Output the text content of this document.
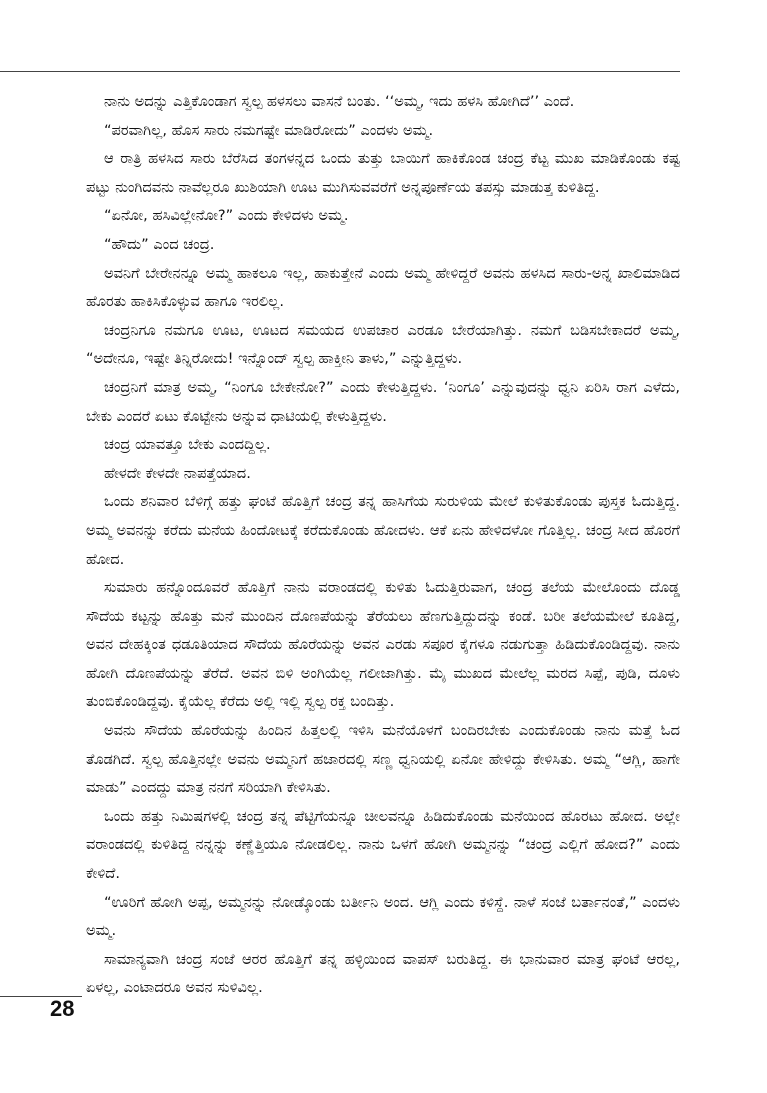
ನಾನು ಅದನ್ನು ಎತ್ತಿಕೊಂಡಾಗ ಸ್ವಲ್ಪ ಹಳಸಲು ವಾಸನೆ ಬಂತು. ‘‘ಅಮ್ಮ, ಇದು ಹಳಸಿ ಹೋಗಿದೆ’’ ಎಂದೆ.

“ಪರವಾಗಿಲ್ಲ, ಹೊಸ ಸಾರು ನಮಗಷ್ಟೇ ಮಾಡಿರೋದು” ಎಂದಳು ಅಮ್ಮ.

ಆ ರಾತ್ರಿ ಹಳಸಿದ ಸಾರು ಬೆರೆಸಿದ ತಂಗಳನ್ನದ ಒಂದು ತುತ್ತು ಬಾಯಿಗೆ ಹಾಕಿಕೊಂಡ ಚಂದ್ರ ಕೆಟ್ಟ ಮುಖ ಮಾಡಿಕೊಂಡು ಕಷ್ಟ ಪಟ್ಟು ನುಂಗಿದವನು ನಾವೆಲ್ಲರೂ ಖುಶಿಯಾಗಿ ಊಟ ಮುಗಿಸುವವರೆಗೆ ಅನ್ನಪೂರ್ಣೆಯ ತಪಸ್ಸು ಮಾಡುತ್ತ ಕುಳಿತಿದ್ದ.

“ಏನೋ, ಹಸಿವಿಲ್ಲೇನೋ?” ಎಂದು ಕೇಳಿದಳು ಅಮ್ಮ.

“ಹೌದು” ಎಂದ ಚಂದ್ರ.

ಅವನಿಗೆ ಬೇರೇನನ್ನೂ ಅಮ್ಮ ಹಾಕಲೂ ಇಲ್ಲ, ಹಾಕುತ್ತೇನೆ ಎಂದು ಅಮ್ಮ ಹೇಳಿದ್ದರೆ ಅವನು ಹಳಸಿದ ಸಾರು-ಅನ್ನ ಖಾಲಿಮಾಡಿದ ಹೊರತು ಹಾಕಿಸಿಕೊಳ್ಳುವ ಹಾಗೂ ಇರಲಿಲ್ಲ.

ಚಂದ್ರನಿಗೂ ನಮಗೂ ಊಟ, ಊಟದ ಸಮಯದ ಉಪಚಾರ ಎರಡೂ ಬೇರೆಯಾಗಿತ್ತು. ನಮಗೆ ಬಡಿಸಬೇಕಾದರೆ ಅಮ್ಮ, “ಅದೇನೂ, ಇಷ್ಟೇ ತಿನ್ನಿರೋದು! ಇನ್ನೊಂದ್ ಸ್ವಲ್ಪ ಹಾಕ್ತೀನಿ ತಾಳು,” ಎನ್ನುತ್ತಿದ್ದಳು.

ಚಂದ್ರನಿಗೆ ಮಾತ್ರ ಅಮ್ಮ, “ನಿಂಗೂ ಬೇಕೇನೋ?” ಎಂದು ಕೇಳುತ್ತಿದ್ದಳು. ‘ನಿಂಗೂ’ ಎನ್ನುವುದನ್ನು ಧ್ವನಿ ಏರಿಸಿ ರಾಗ ಎಳೆದು, ಬೇಕು ಎಂದರೆ ಏಟು ಕೊಟ್ಟೇನು ಅನ್ನುವ ಧಾಟಿಯಲ್ಲಿ ಕೇಳುತ್ತಿದ್ದಳು.

ಚಂದ್ರ ಯಾವತ್ತೂ ಬೇಕು ಎಂದದ್ದಿಲ್ಲ.

ಹೇಳದೇ ಕೇಳದೇ ನಾಪತ್ತೆಯಾದ.

ಒಂದು ಶನಿವಾರ ಬೆಳಿಗ್ಗೆ ಹತ್ತು ಘಂಟೆ ಹೊತ್ತಿಗೆ ಚಂದ್ರ ತನ್ನ ಹಾಸಿಗೆಯ ಸುರುಳಿಯ ಮೇಲೆ ಕುಳಿತುಕೊಂಡು ಪುಸ್ತಕ ಓದುತ್ತಿದ್ದ. ಅಮ್ಮ ಅವನನ್ನು ಕರೆದು ಮನೆಯ ಹಿಂದೋಟಕ್ಕೆ ಕರೆದುಕೊಂಡು ಹೋದಳು. ಆಕೆ ಏನು ಹೇಳಿದಳೋ ಗೊತ್ತಿಲ್ಲ. ಚಂದ್ರ ಸೀದ ಹೊರಗೆ ಹೋದ.

ಸುಮಾರು ಹನ್ನೊಂದೂವರೆ ಹೊತ್ತಿಗೆ ನಾನು ವರಾಂಡದಲ್ಲಿ ಕುಳಿತು ಓದುತ್ತಿರುವಾಗ, ಚಂದ್ರ ತಲೆಯ ಮೇಲೊಂದು ದೊಡ್ಡ ಸೌದೆಯ ಕಟ್ಟನ್ನು ಹೊತ್ತು ಮನೆ ಮುಂದಿನ ದೊಣಪೆಯನ್ನು ತೆರೆಯಲು ಹೆಣಗುತ್ತಿದ್ದುದನ್ನು ಕಂಡೆ. ಬರೀ ತಲೆಯಮೇಲೆ ಕೂತಿದ್ದ, ಅವನ ದೇಹಕ್ಕಿಂತ ಧಡೂತಿಯಾದ ಸೌದೆಯ ಹೊರೆಯನ್ನು ಅವನ ಎರಡು ಸಪೂರ ಕೈಗಳೂ ನಡುಗುತ್ತಾ ಹಿಡಿದುಕೊಂಡಿದ್ದವು. ನಾನು ಹೋಗಿ ದೊಣಪೆಯನ್ನು ತೆರೆದೆ. ಅವನ ಬಿಳಿ ಅಂಗಿಯೆಲ್ಲ ಗಲೀಜಾಗಿತ್ತು. ಮೈ ಮುಖದ ಮೇಲೆಲ್ಲ ಮರದ ಸಿಪ್ಪೆ, ಪುಡಿ, ದೂಳು ತುಂಬಿಕೊಂಡಿದ್ದವು. ಕೈಯೆಲ್ಲ ಕೆರೆದು ಅಲ್ಲಿ ಇಲ್ಲಿ ಸ್ವಲ್ಪ ರಕ್ತ ಬಂದಿತ್ತು.

ಅವನು ಸೌದೆಯ ಹೊರೆಯನ್ನು ಹಿಂದಿನ ಹಿತ್ತಲಲ್ಲಿ ಇಳಿಸಿ ಮನೆಯೊಳಗೆ ಬಂದಿರಬೇಕು ಎಂದುಕೊಂಡು ನಾನು ಮತ್ತೆ ಓದ ತೊಡಗಿದೆ. ಸ್ವಲ್ಪ ಹೊತ್ತಿನಲ್ಲೇ ಅವನು ಅಮ್ಮನಿಗೆ ಹಜಾರದಲ್ಲಿ ಸಣ್ಣ ಧ್ವನಿಯಲ್ಲಿ ಏನೋ ಹೇಳಿದ್ದು ಕೇಳಿಸಿತು. ಅಮ್ಮ “ಆಗ್ಲಿ, ಹಾಗೇ ಮಾಡು” ಎಂದದ್ದು ಮಾತ್ರ ನನಗೆ ಸರಿಯಾಗಿ ಕೇಳಿಸಿತು.

ಒಂದು ಹತ್ತು ನಿಮಿಷಗಳಲ್ಲಿ ಚಂದ್ರ ತನ್ನ ಪೆಟ್ಟಿಗೆಯನ್ನೂ ಚೀಲವನ್ನೂ ಹಿಡಿದುಕೊಂಡು ಮನೆಯಿಂದ ಹೊರಟು ಹೋದ. ಅಲ್ಲೇ ವರಾಂಡದಲ್ಲಿ ಕುಳಿತಿದ್ದ ನನ್ನನ್ನು ಕಣ್ಣೆತ್ತಿಯೂ ನೋಡಲಿಲ್ಲ. ನಾನು ಒಳಗೆ ಹೋಗಿ ಅಮ್ಮನನ್ನು “ಚಂದ್ರ ಎಲ್ಲಿಗೆ ಹೋದ?” ಎಂದು ಕೇಳಿದೆ.

“ಊರಿಗೆ ಹೋಗಿ ಅಪ್ಪ, ಅಮ್ಮನನ್ನು ನೋಡ್ಕೊಂಡು ಬರ್ತೀನಿ ಅಂದ. ಆಗ್ಲಿ ಎಂದು ಕಳಿಸ್ದೆ. ನಾಳೆ ಸಂಜೆ ಬರ್ತಾನಂತೆ,” ಎಂದಳು ಅಮ್ಮ.

ಸಾಮಾನ್ಯವಾಗಿ ಚಂದ್ರ ಸಂಜೆ ಆರರ ಹೊತ್ತಿಗೆ ತನ್ನ ಹಳ್ಳಿಯಿಂದ ವಾಪಸ್ ಬರುತಿದ್ದ. ಈ ಭಾನುವಾರ ಮಾತ್ರ ಘಂಟೆ ಆರಲ್ಲ, ಏಳಲ್ಲ, ಎಂಟಾದರೂ ಅವನ ಸುಳಿವಿಲ್ಲ.

28
